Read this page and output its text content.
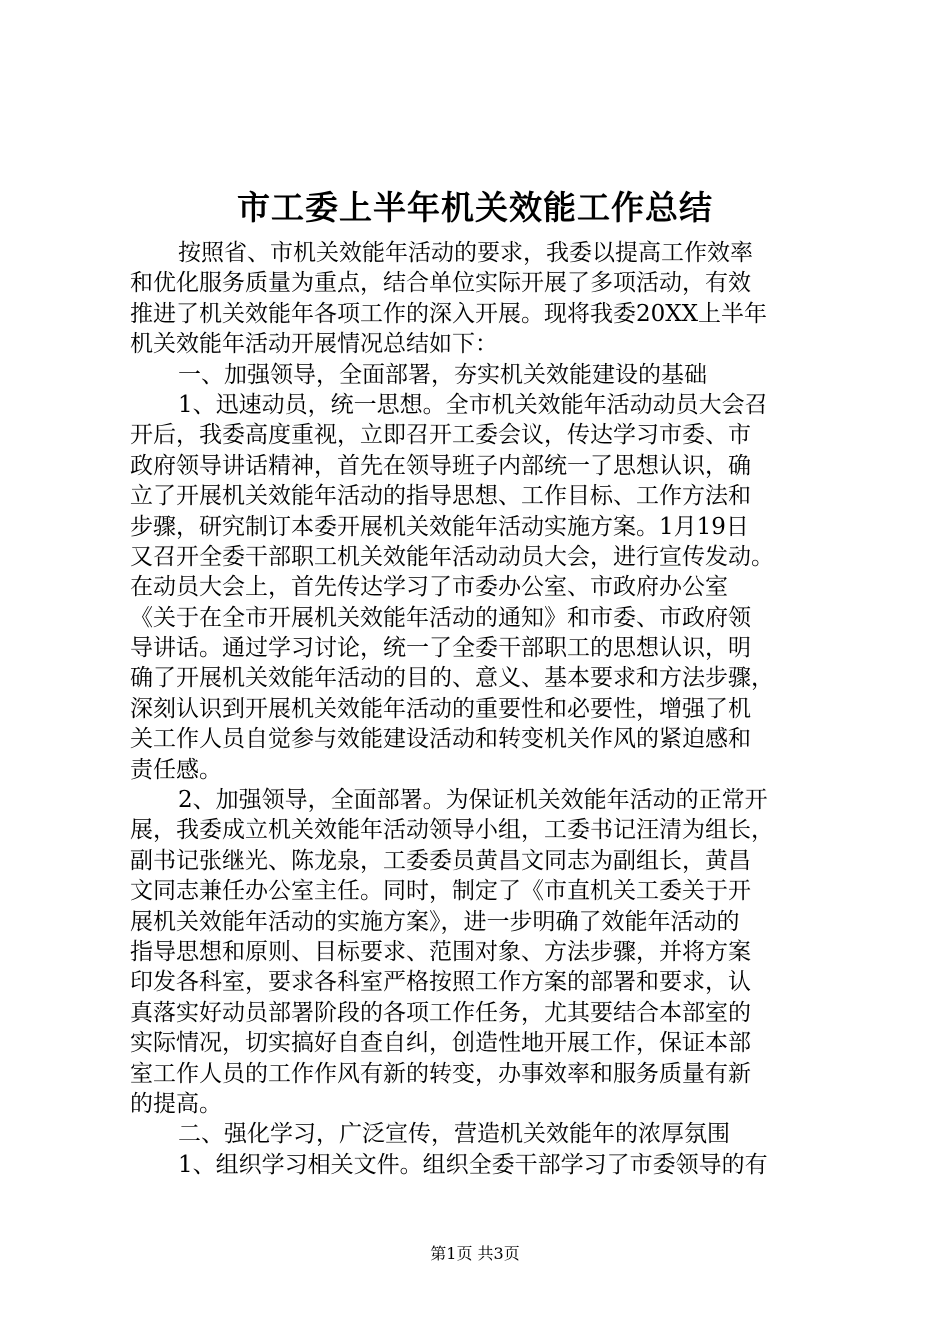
市工委上半年机关效能工作总结
按照省、市机关效能年活动的要求，我委以提高工作效率
和优化服务质量为重点，结合单位实际开展了多项活动，有效
推进了机关效能年各项工作的深入开展。现将我委20XX上半年
机关效能年活动开展情况总结如下：
一、加强领导，全面部署，夯实机关效能建设的基础
1、迅速动员，统一思想。全市机关效能年活动动员大会召
开后，我委高度重视，立即召开工委会议，传达学习市委、市
政府领导讲话精神，首先在领导班子内部统一了思想认识，确
立了开展机关效能年活动的指导思想、工作目标、工作方法和
步骤，研究制订本委开展机关效能年活动实施方案。1月19日
又召开全委干部职工机关效能年活动动员大会，进行宣传发动。
在动员大会上，首先传达学习了市委办公室、市政府办公室
《关于在全市开展机关效能年活动的通知》和市委、市政府领
导讲话。通过学习讨论，统一了全委干部职工的思想认识，明
确了开展机关效能年活动的目的、意义、基本要求和方法步骤，
深刻认识到开展机关效能年活动的重要性和必要性，增强了机
关工作人员自觉参与效能建设活动和转变机关作风的紧迫感和
责任感。
2、加强领导，全面部署。为保证机关效能年活动的正常开
展，我委成立机关效能年活动领导小组，工委书记汪清为组长，
副书记张继光、陈龙泉，工委委员黄昌文同志为副组长，黄昌
文同志兼任办公室主任。同时，制定了《市直机关工委关于开
展机关效能年活动的实施方案》，进一步明确了效能年活动的
指导思想和原则、目标要求、范围对象、方法步骤，并将方案
印发各科室，要求各科室严格按照工作方案的部署和要求，认
真落实好动员部署阶段的各项工作任务，尤其要结合本部室的
实际情况，切实搞好自查自纠，创造性地开展工作，保证本部
室工作人员的工作作风有新的转变，办事效率和服务质量有新
的提高。
二、强化学习，广泛宣传，营造机关效能年的浓厚氛围
1、组织学习相关文件。组织全委干部学习了市委领导的有
第1页 共3页
